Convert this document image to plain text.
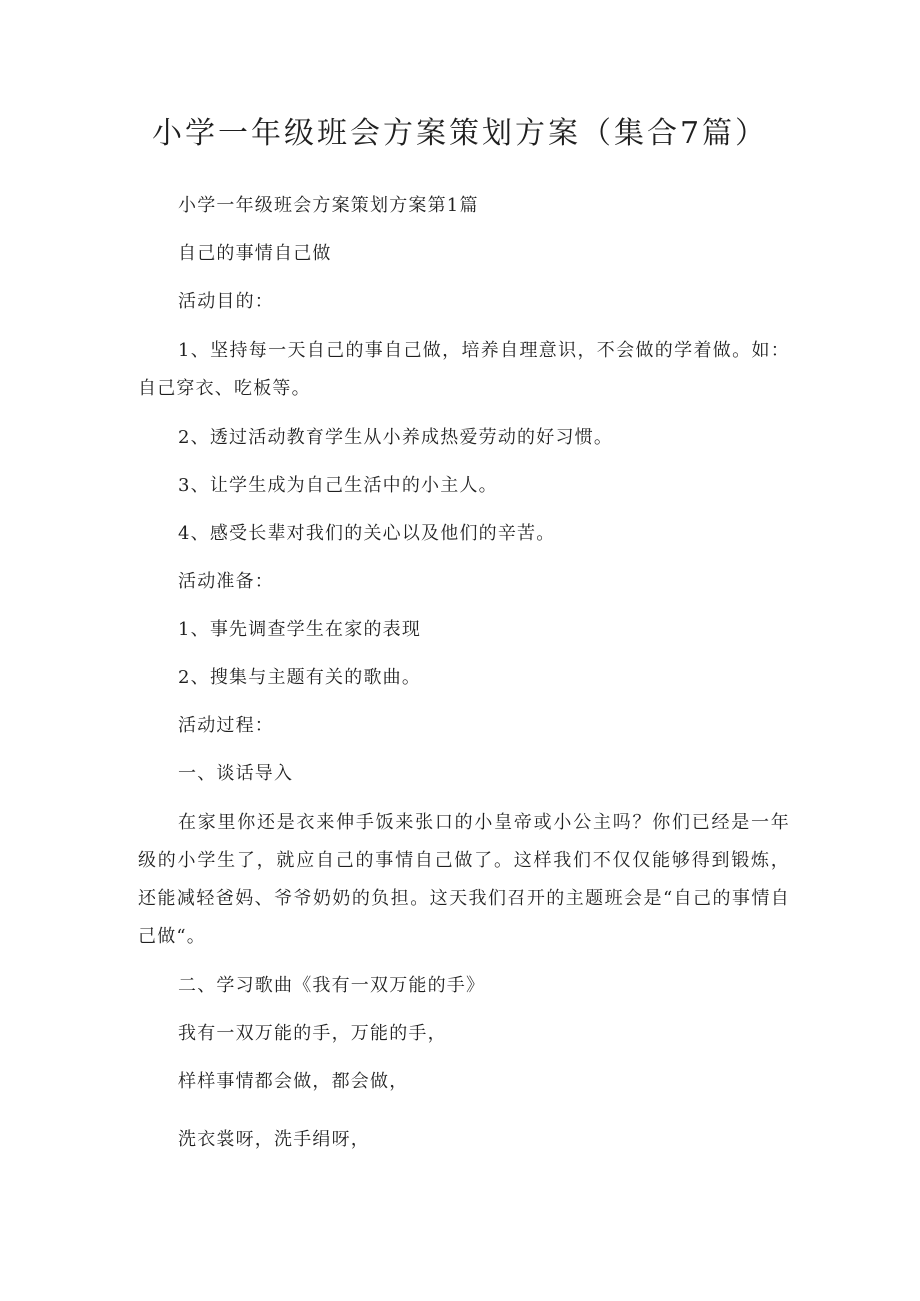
小学一年级班会方案策划方案（集合7篇）

小学一年级班会方案策划方案第1篇

自己的事情自己做

活动目的：

1、坚持每一天自己的事自己做，培养自理意识，不会做的学着做。如：自己穿衣、吃板等。

2、透过活动教育学生从小养成热爱劳动的好习惯。

3、让学生成为自己生活中的小主人。

4、感受长辈对我们的关心以及他们的辛苦。

活动准备：

1、事先调查学生在家的表现

2、搜集与主题有关的歌曲。

活动过程：

一、谈话导入

在家里你还是衣来伸手饭来张口的小皇帝或小公主吗？你们已经是一年级的小学生了，就应自己的事情自己做了。这样我们不仅仅能够得到锻炼，还能减轻爸妈、爷爷奶奶的负担。这天我们召开的主题班会是“自己的事情自己做“。

二、学习歌曲《我有一双万能的手》

我有一双万能的手，万能的手，

样样事情都会做，都会做，

洗衣裳呀，洗手绢呀，
